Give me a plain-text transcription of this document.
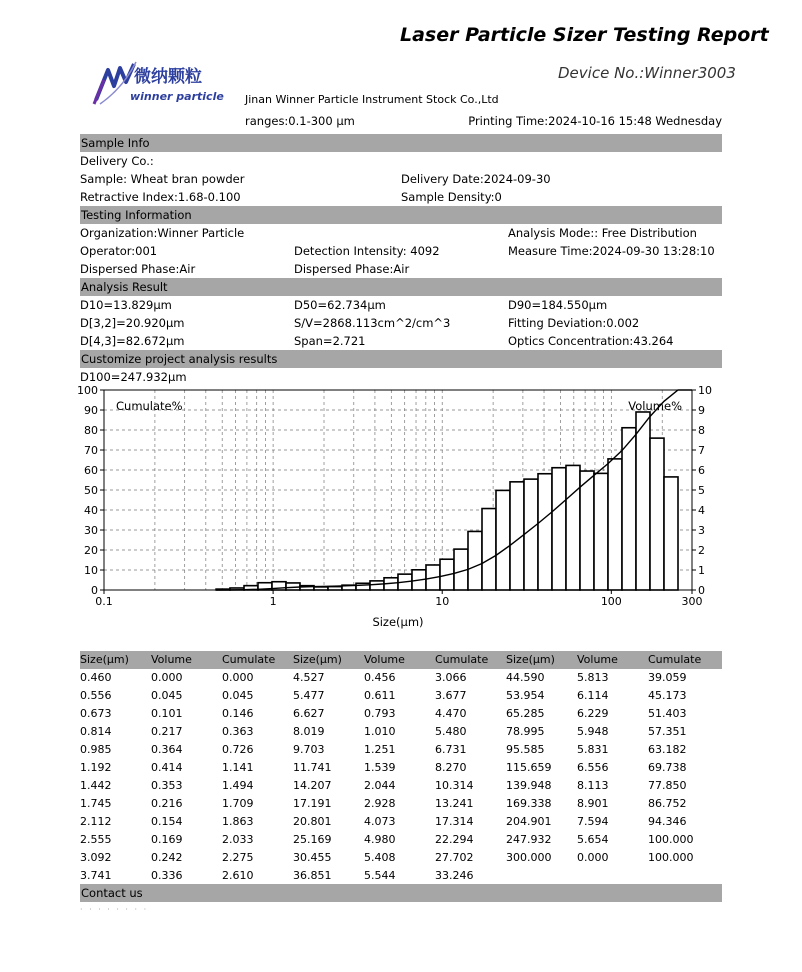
Laser Particle Sizer Testing Report
Device No.:Winner3003
微纳颗粒
winner particle Jinan Winner Particle Instrument Stock Co.,Ltd
ranges:0.1-300 μm	Printing Time:2024-10-16 15:48 Wednesday
Sample Info
Delivery Co.:
Sample: Wheat bran powder	Delivery Date:2024-09-30
Retractive Index:1.68-0.100	Sample Density:0
Testing Information
Organization:Winner Particle	Analysis Mode:: Free Distribution
Operator:001	Detection Intensity: 4092	Measure Time:2024-09-30 13:28:10
Dispersed Phase:Air	Dispersed Phase:Air
Analysis Result
D10=13.829μm	D50=62.734μm	D90=184.550μm
D[3,2]=20.920μm	S/V=2868.113cm^2/cm^3	Fitting Deviation:0.002
D[4,3]=82.672μm	Span=2.721	Optics Concentration:43.264
Customize project analysis results
D100=247.932μm
0
10
20
30
40
50
60
70
80
90
100
0
1
2
3
4
5
6
7
8
9
10
0.1	1	10	100	300
Cumulate%	Volume%
Size(μm)
Size(μm) Volume	Cumulate Size(μm) Volume	Cumulate Size(μm) Volume	Cumulate
0.460	0.000	0.000	4.527	0.456	3.066	44.590	5.813	39.059
0.556	0.045	0.045	5.477	0.611	3.677	53.954	6.114	45.173
0.673	0.101	0.146	6.627	0.793	4.470	65.285	6.229	51.403
0.814	0.217	0.363	8.019	1.010	5.480	78.995	5.948	57.351
0.985	0.364	0.726	9.703	1.251	6.731	95.585	5.831	63.182
1.192	0.414	1.141	11.741	1.539	8.270	115.659 6.556	69.738
1.442	0.353	1.494	14.207	2.044	10.314	139.948 8.113	77.850
1.745	0.216	1.709	17.191	2.928	13.241	169.338 8.901	86.752
2.112	0.154	1.863	20.801	4.073	17.314	204.901 7.594	94.346
2.555	0.169	2.033	25.169	4.980	22.294	247.932 5.654	100.000
3.092	0.242	2.275	30.455	5.408	27.702	300.000 0.000	100.000
3.741	0.336	2.610	36.851	5.544	33.246
Contact us
· · · · · · · ·
